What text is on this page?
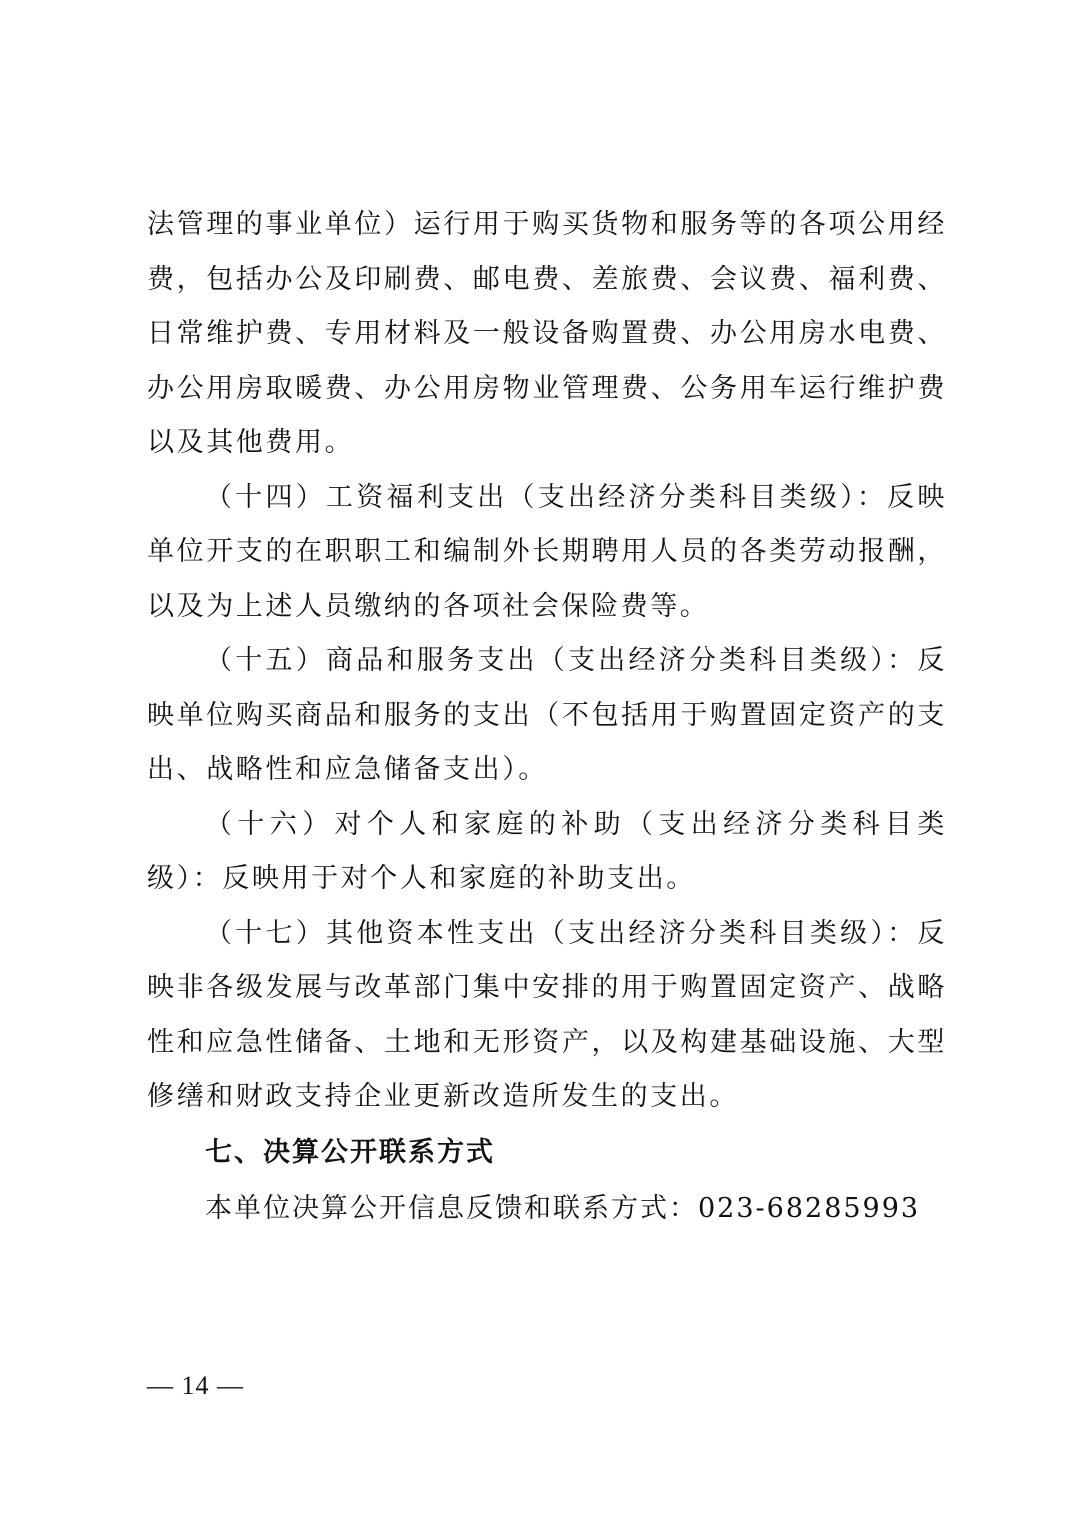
法管理的事业单位）运行用于购买货物和服务等的各项公用经费，包括办公及印刷费、邮电费、差旅费、会议费、福利费、日常维护费、专用材料及一般设备购置费、办公用房水电费、办公用房取暖费、办公用房物业管理费、公务用车运行维护费以及其他费用。

（十四）工资福利支出（支出经济分类科目类级）：反映单位开支的在职职工和编制外长期聘用人员的各类劳动报酬，以及为上述人员缴纳的各项社会保险费等。

（十五）商品和服务支出（支出经济分类科目类级）：反映单位购买商品和服务的支出（不包括用于购置固定资产的支出、战略性和应急储备支出）。

（十六）对个人和家庭的补助（支出经济分类科目类级）：反映用于对个人和家庭的补助支出。

（十七）其他资本性支出（支出经济分类科目类级）：反映非各级发展与改革部门集中安排的用于购置固定资产、战略性和应急性储备、土地和无形资产，以及构建基础设施、大型修缮和财政支持企业更新改造所发生的支出。

七、决算公开联系方式

本单位决算公开信息反馈和联系方式：023-68285993

— 14 —
